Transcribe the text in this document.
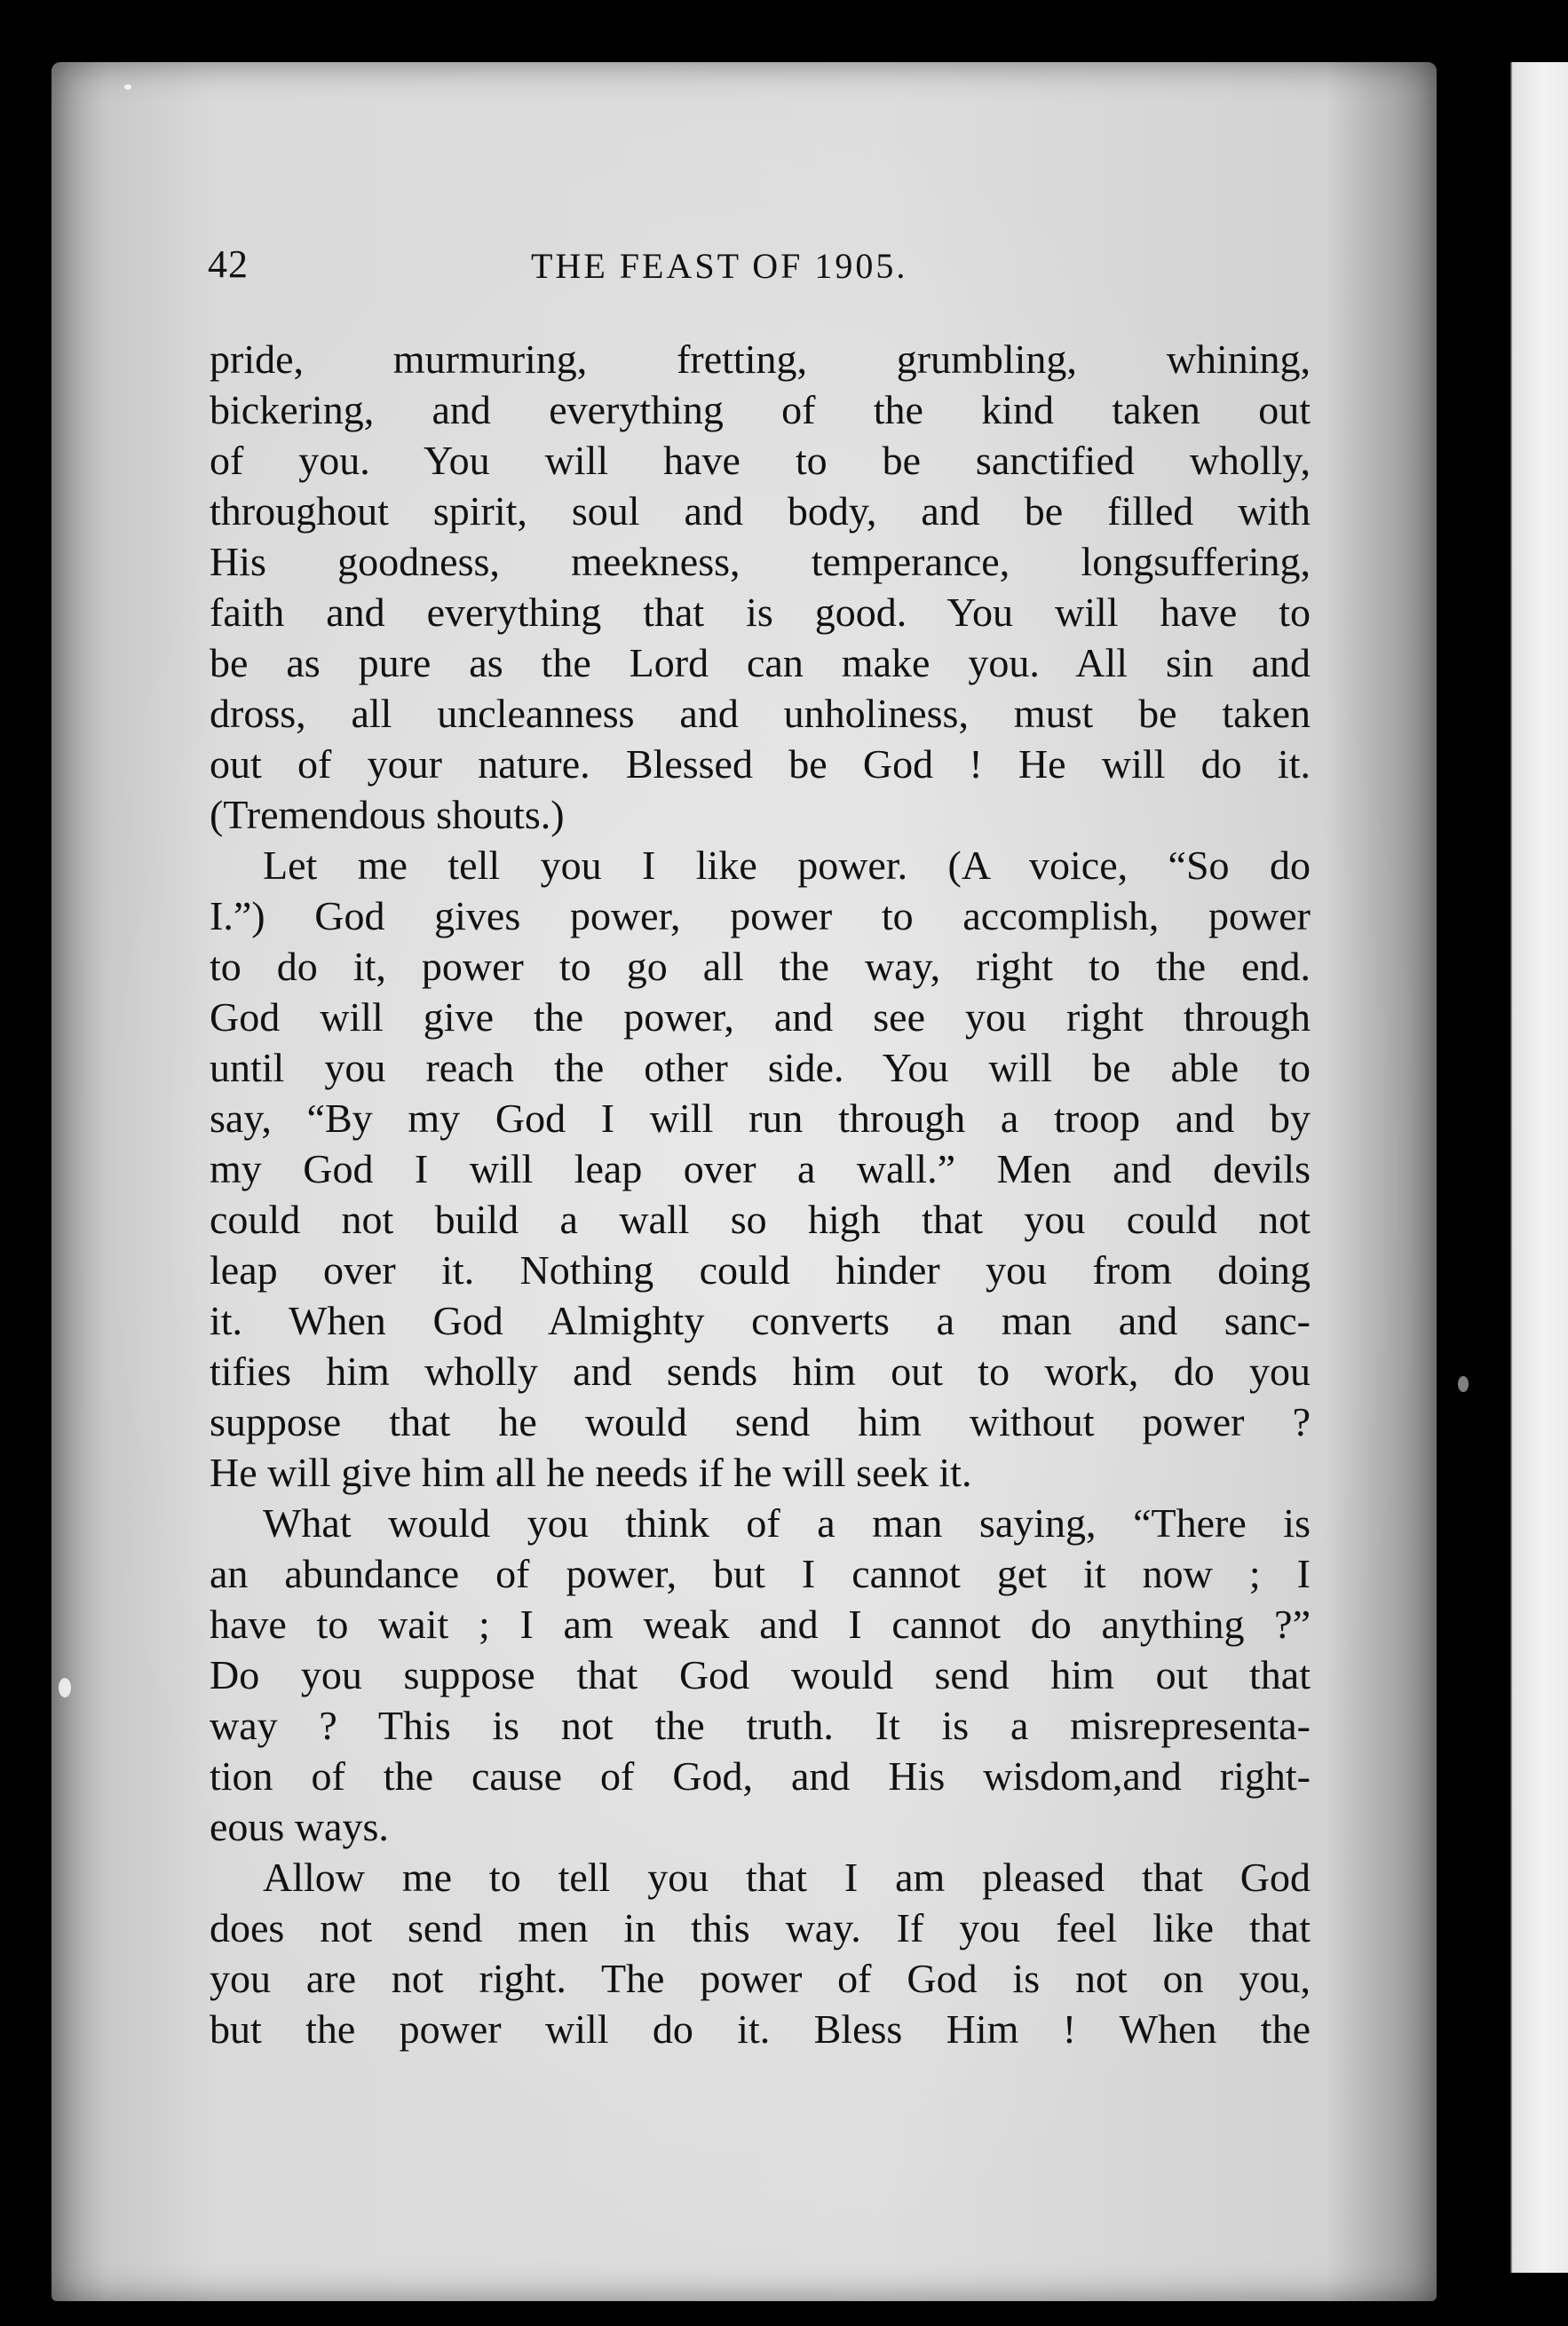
42	THE FEAST OF 1905.
pride, murmuring, fretting, grumbling, whining,
bickering, and everything of the kind taken out
of you. You will have to be sanctified wholly,
throughout spirit, soul and body, and be filled with
His goodness, meekness, temperance, longsuffering,
faith and everything that is good. You will have to
be as pure as the Lord can make you. All sin and
dross, all uncleanness and unholiness, must be taken
out of your nature. Blessed be God ! He will do it.
(Tremendous shouts.)
Let me tell you I like power. (A voice, “So do
I.”) God gives power, power to accomplish, power
to do it, power to go all the way, right to the end.
God will give the power, and see you right through
until you reach the other side. You will be able to
say, “By my God I will run through a troop and by
my God I will leap over a wall.” Men and devils
could not build a wall so high that you could not
leap over it. Nothing could hinder you from doing
it. When God Almighty converts a man and sanc-
tifies him wholly and sends him out to work, do you
suppose that he would send him without power ?
He will give him all he needs if he will seek it.
What would you think of a man saying, “There is
an abundance of power, but I cannot get it now ; I
have to wait ; I am weak and I cannot do anything ?”
Do you suppose that God would send him out that
way ? This is not the truth. It is a misrepresenta-
tion of the cause of God, and His wisdom,and right-
eous ways.
Allow me to tell you that I am pleased that God
does not send men in this way. If you feel like that
you are not right. The power of God is not on you,
but the power will do it. Bless Him ! When the
